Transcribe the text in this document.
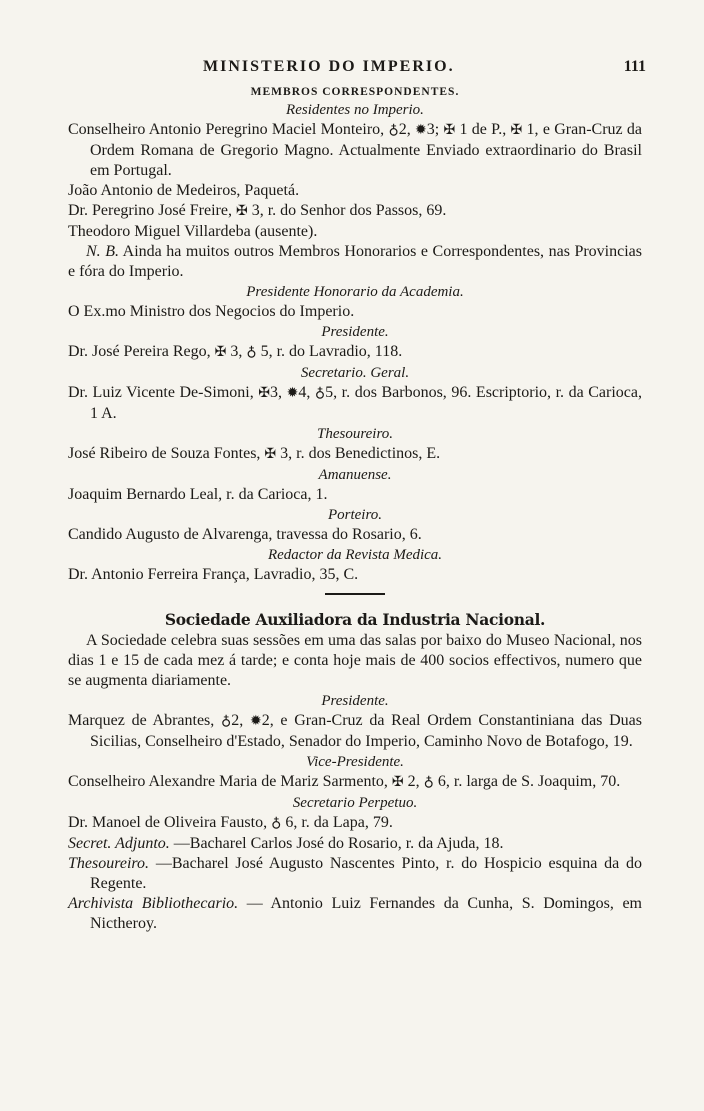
MINISTERIO DO IMPERIO.	111
MEMBROS CORRESPONDENTES.
Residentes no Imperio.
Conselheiro Antonio Peregrino Maciel Monteiro, ♁2, ✹3; ✠ 1 de P., ✠ 1, e Gran-Cruz da Ordem Romana de Gregorio Magno. Actualmente Enviado extraordinario do Brasil em Portugal.
João Antonio de Medeiros, Paquetá.
Dr. Peregrino José Freire, ✠ 3, r. do Senhor dos Passos, 69.
Theodoro Miguel Villardeba (ausente).
N. B. Ainda ha muitos outros Membros Honorarios e Correspondentes, nas Provincias e fóra do Imperio.
Presidente Honorario da Academia.
O Ex.mo Ministro dos Negocios do Imperio.
Presidente.
Dr. José Pereira Rego, ✠ 3, ♁ 5, r. do Lavradio, 118.
Secretario. Geral.
Dr. Luiz Vicente De-Simoni, ✠3, ✹4, ♁5, r. dos Barbonos, 96. Escriptorio, r. da Carioca, 1 A.
Thesoureiro.
José Ribeiro de Souza Fontes, ✠ 3, r. dos Benedictinos, E.
Amanuense.
Joaquim Bernardo Leal, r. da Carioca, 1.
Porteiro.
Candido Augusto de Alvarenga, travessa do Rosario, 6.
Redactor da Revista Medica.
Dr. Antonio Ferreira França, Lavradio, 35, C.
Sociedade Auxiliadora da Industria Nacional.
A Sociedade celebra suas sessões em uma das salas por baixo do Museo Nacional, nos dias 1 e 15 de cada mez á tarde; e conta hoje mais de 400 socios effectivos, numero que se augmenta diariamente.
Presidente.
Marquez de Abrantes, ♁2, ✹2, e Gran-Cruz da Real Ordem Constantiniana das Duas Sicilias, Conselheiro d'Estado, Senador do Imperio, Caminho Novo de Botafogo, 19.
Vice-Presidente.
Conselheiro Alexandre Maria de Mariz Sarmento, ✠ 2, ♁ 6, r. larga de S. Joaquim, 70.
Secretario Perpetuo.
Dr. Manoel de Oliveira Fausto, ♁ 6, r. da Lapa, 79.
Secret. Adjunto. —Bacharel Carlos José do Rosario, r. da Ajuda, 18.
Thesoureiro. —Bacharel José Augusto Nascentes Pinto, r. do Hospicio esquina da do Regente.
Archivista Bibliothecario. — Antonio Luiz Fernandes da Cunha, S. Domingos, em Nictheroy.
